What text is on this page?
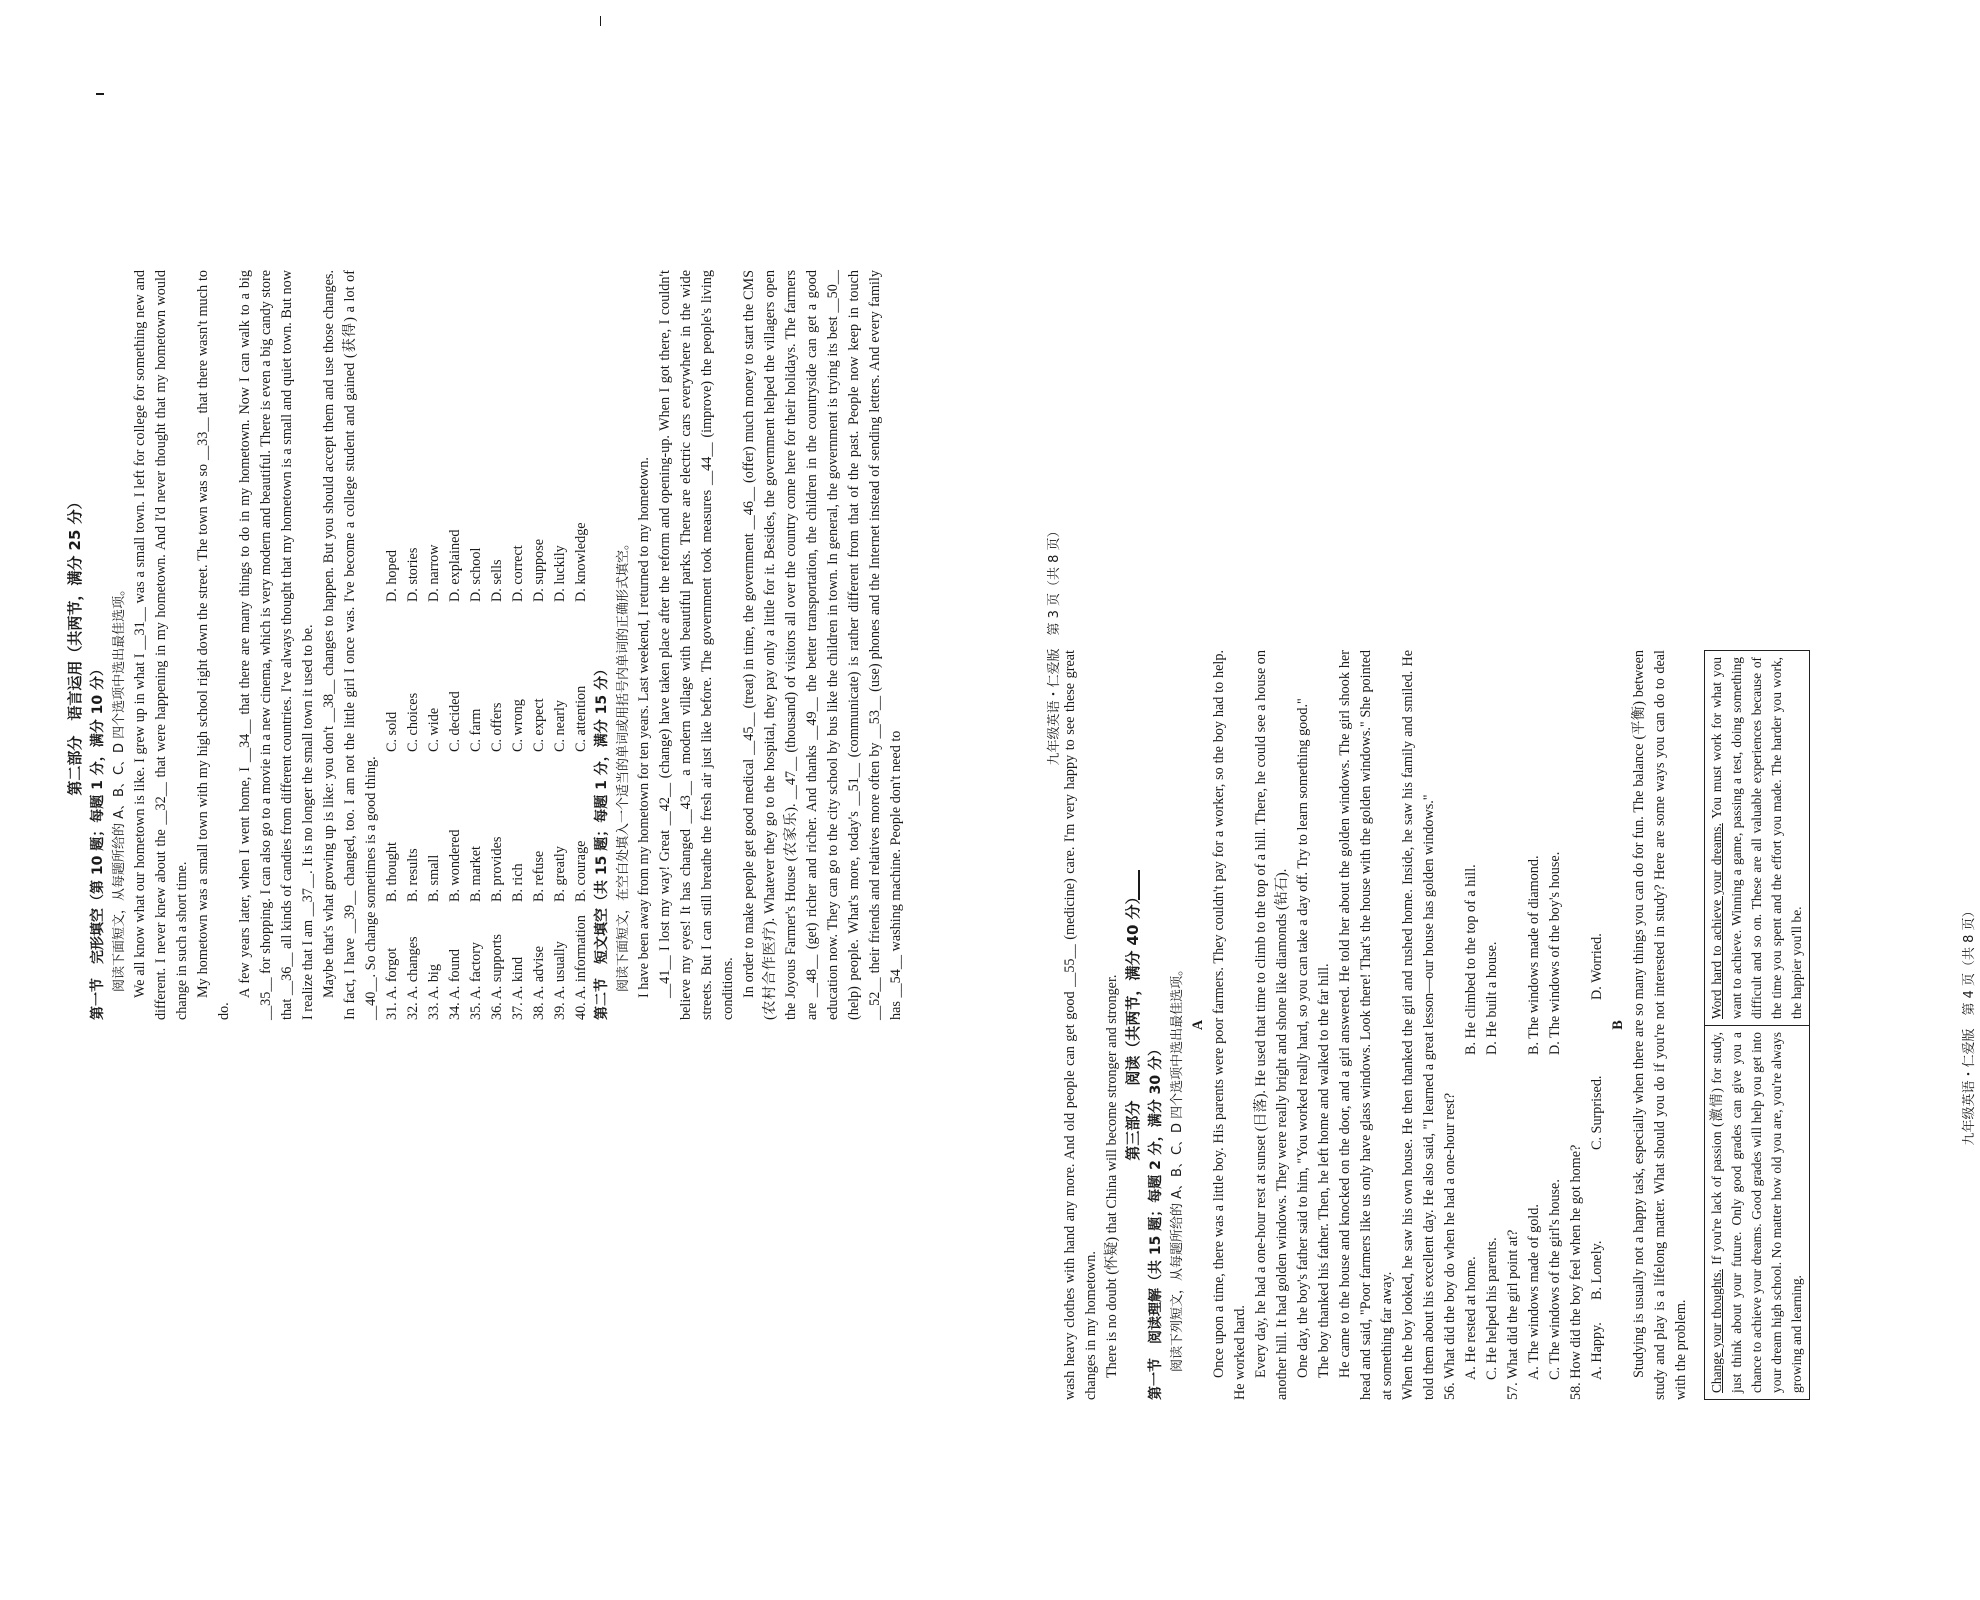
第二部分　语言运用（共两节，满分 25 分）
第一节　完形填空（第 10 题；每题 1 分，满分 10 分） 阅读下面短文，从每题所给的 A、B、C、D 四个选项中选出最佳选项。 We all know what our hometown is like. I grew up in what I __31__ was a small town. I left for college for something new and different. I never knew about the __32__ that were happening in my hometown. And I'd never thought that my hometown would change in such a short time. My hometown was a small town with my high school right down the street. The town was so __33__ that there wasn't much to do.

A few years later, when I went home, I __34__ that there are many things to do in my hometown. Now I can walk to a big __35__ for shopping. I can also go to a movie in a new cinema, which is very modern and beautiful. There is even a big candy store that __36__ all kinds of candies from different countries. I've always thought that my hometown is a small and quiet town. But now I realize that I am __37__. It is no longer the small town it used to be. Maybe that's what growing up is like: you don't __38__ changes to happen. But you should accept them and use those changes. In fact, I have __39__ changed, too. I am not the little girl I once was. I've become a college student and gained (获得) a lot of __40__. So change sometimes is a good thing. 31. A. forgot
B. thought
C. sold
D. hoped
32. A. changes
B. results
C. choices
D. stories
33. A. big
B. small
C. wide
D. narrow
34. A. found
B. wondered
C. decided
D. explained
35. A. factory
B. market
C. farm
D. school
36. A. supports
B. provides
C. offers
D. sells
37. A. kind
B. rich
C. wrong
D. correct
38. A. advise
B. refuse
C. expect
D. suppose
39. A. usually
B. greatly
C. nearly
D. luckily
40. A. information
B. courage
C. attention
D. knowledge
第二节　短文填空（共 15 题；每题 1 分，满分 15 分） 阅读下面短文，在空白处填入一个适当的单词或用括号内单词的正确形式填空。 I have been away from my hometown for ten years. Last weekend, I returned to my hometown. __41__ I lost my way! Great __42__ (change) have taken place after the reform and opening-up. When I got there, I couldn't believe my eyes! It has changed __43__ a modern village with beautiful parks. There are electric cars everywhere in the wide streets. But I can still breathe the fresh air just like before. The government took measures __44__ (improve) the people's living conditions. In order to make people get good medical __45__ (treat) in time, the government __46__ (offer) much money to start the CMS (农村合作医疗). Whatever they go to the hospital, they pay only a little for it. Besides, the government helped the villagers open the Joyous Farmer's House (农家乐). __47__ (thousand) of visitors all over the country come here for their holidays. The farmers are __48__ (get) richer and richer. And thanks __49__ the better transportation, the children in the countryside can get a good education now. They can go to the city school by bus like the children in town. In general, the government is trying its best __50__ (help) people. What's more, today's __51__ (communicate) is rather different from that of the past. People now keep in touch __52__ their friends and relatives more often by __53__ (use) phones and the Internet instead of sending letters. And every family has __54__ washing machine. People don't need to

九年级英语・仁爱版　第 3 页（共 8 页）

wash heavy clothes with hand any more. And old people can get good __55__ (medicine) care. I'm very happy to see these great changes in my hometown. There is no doubt (怀疑) that China will become stronger and stronger. 第三部分　阅读（共两节，满分 40 分）
第一节　阅读理解（共 15 题；每题 2 分，满分 30 分） 阅读下列短文，从每题所给的 A、B、C、D 四个选项中选出最佳选项。 A Once upon a time, there was a little boy. His parents were poor farmers. They couldn't pay for a worker, so the boy had to help. He worked hard. Every day, he had a one-hour rest at sunset (日落). He used that time to climb to the top of a hill. There, he could see a house on another hill. It had golden windows. They were really bright and shone like diamonds (钻石). One day, the boy's father said to him, "You worked really hard, so you can take a day off. Try to learn something good." The boy thanked his father. Then, he left home and walked to the far hill. He came to the house and knocked on the door, and a girl answered. He told her about the golden windows. The girl shook her head and said, "Poor farmers like us only have glass windows. Look there! That's the house with the golden windows." She pointed at something far away. When the boy looked, he saw his own house. He then thanked the girl and rushed home. Inside, he saw his family and smiled. He told them about his excellent day. He also said, "I learned a great lesson—our house has golden windows." 56. What did the boy do when he had a one-hour rest? A. He rested at home.
B. He climbed to the top of a hill.
C. He helped his parents.
D. He built a house.
57. What did the girl point at? A. The windows made of gold.
B. The windows made of diamond.
C. The windows of the girl's house.
D. The windows of the boy's house.
58. How did the boy feel when he got home? A. Happy.
B. Lonely.
C. Surprised.
D. Worried.
B Studying is usually not a happy task, especially when there are so many things you can do for fun. The balance (平衡) between study and play is a lifelong matter. What should you do if you're not interested in study? Here are some ways you can do to deal with the problem. Change your thoughts. If you're lack of passion (激情) for study, just think about your future. Only good grades can give you a chance to achieve your dreams. Good grades will help you get into your dream high school. No matter how old you are, you're always growing and learning.
Word hard to achieve your dreams. You must work for what you want to achieve. Winning a game, passing a test, doing something difficult and so on. These are all valuable experiences because of the time you spent and the effort you made. The harder you work, the happier you'll be.	九年级英语・仁爱版　第 4 页（共 8 页）
